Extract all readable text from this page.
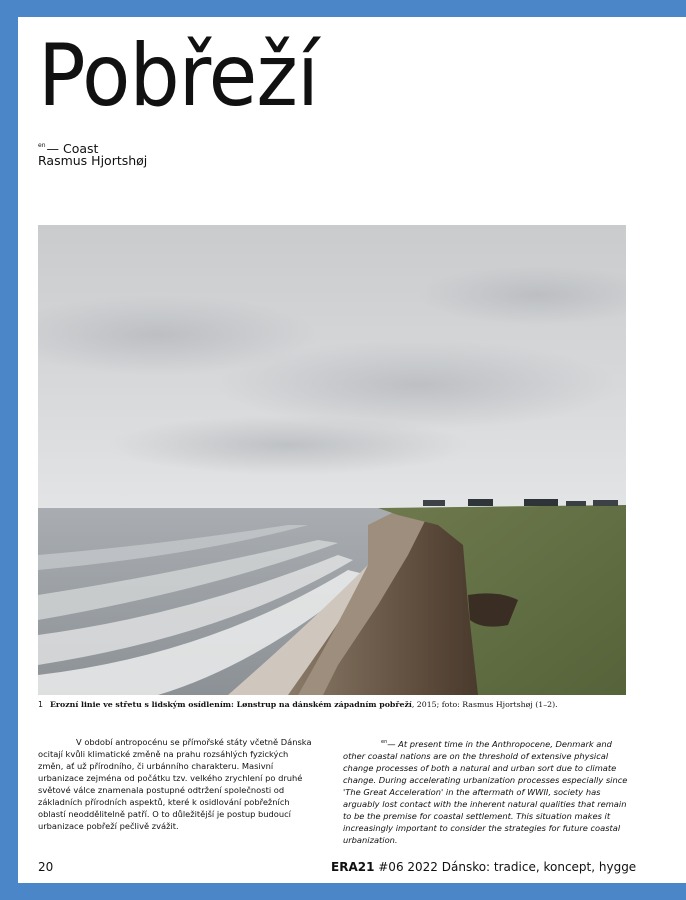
Pobřeží
$^{en}$— Coast
Rasmus Hjortshøj
1 Erozní linie ve střetu s lidským osídlením: Lønstrup na dánském západním pobřeží, 2015; foto: Rasmus Hjortshøj (1–2).
V období antropocénu se přímořské státy včetně Dánska ocitají kvůli klimatické změně na prahu rozsáhlých fyzických změn, ať už přírodního, či urbánního charakteru. Masivní urbanizace zejména od počátku tzv. velkého zrychlení po druhé světové válce znamenala postupné odtržení společnosti od základních přírodních aspektů, které k osidlování pobřežních oblastí neoddělitelně patří. O to důležitější je postup budoucí urbanizace pobřeží pečlivě zvážit.
$^{en}$— At present time in the Anthropocene, Denmark and other coastal nations are on the threshold of extensive physical change processes of both a natural and urban sort due to climate change. During accelerating urbanization processes especially since 'The Great Acceleration' in the aftermath of WWII, society has arguably lost contact with the inherent natural qualities that remain to be the premise for coastal settlement. This situation makes it increasingly important to consider the strategies for future coastal urbanization.
20	ERA21 #06 2022 Dánsko: tradice, koncept, hygge
